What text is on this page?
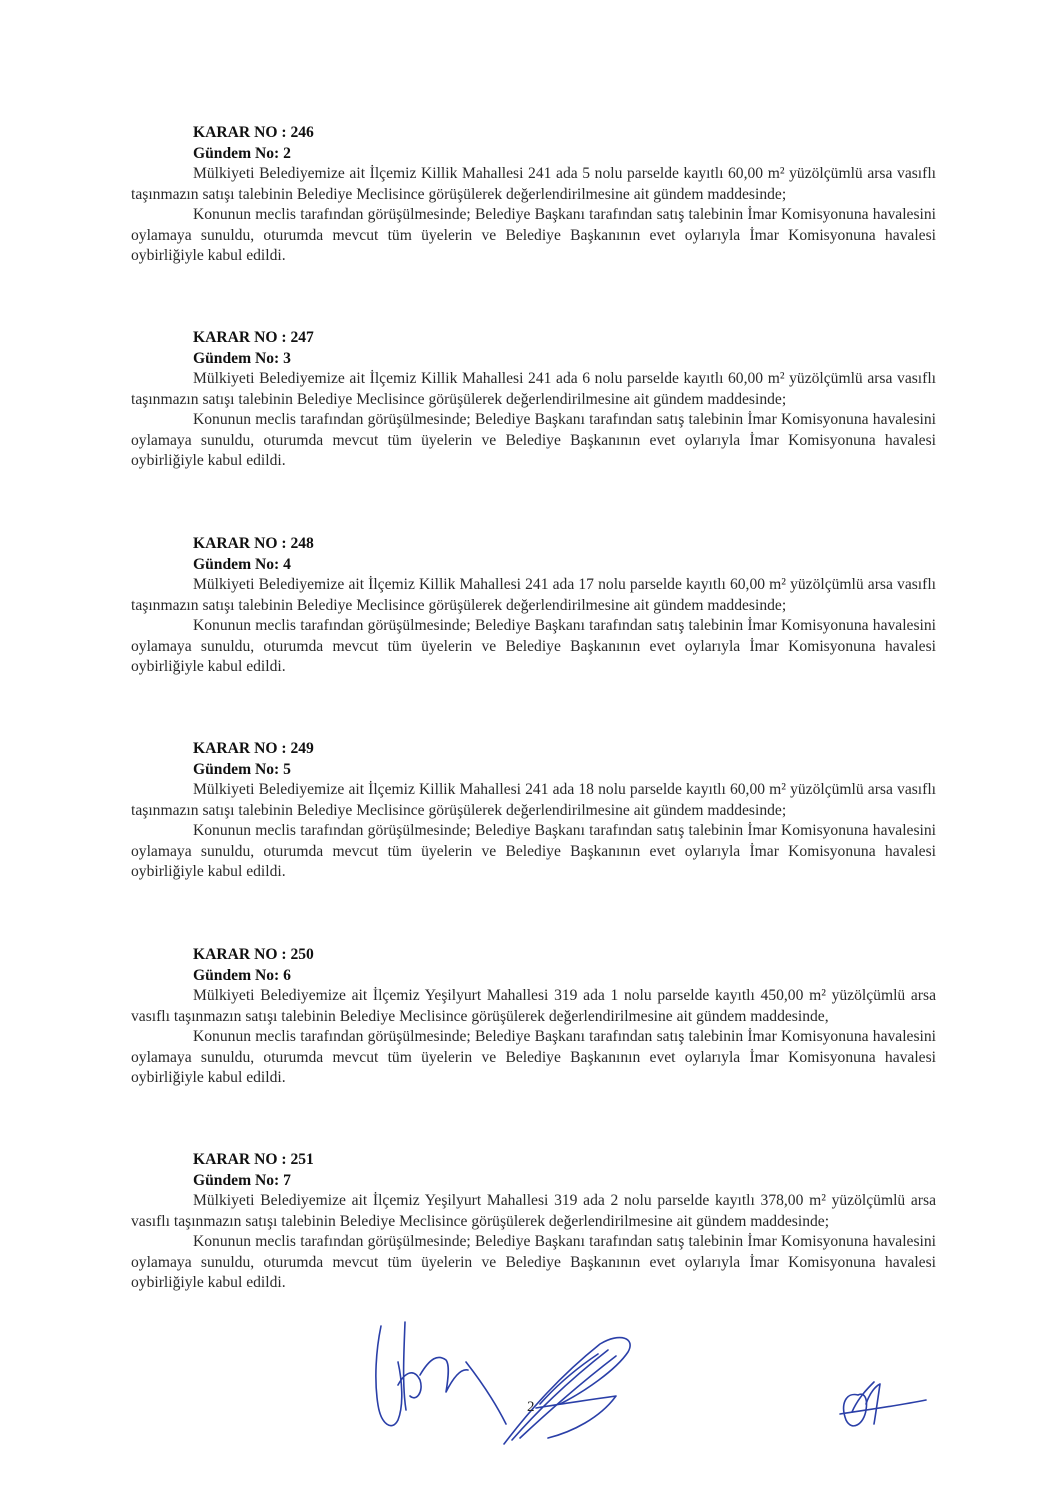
KARAR NO : 246
Gündem No: 2

Mülkiyeti Belediyemize ait İlçemiz Killik Mahallesi 241 ada 5 nolu parselde kayıtlı 60,00 m² yüzölçümlü arsa vasıflı taşınmazın satışı talebinin Belediye Meclisince görüşülerek değerlendirilmesine ait gündem maddesinde;

Konunun meclis tarafından görüşülmesinde; Belediye Başkanı tarafından satış talebinin İmar Komisyonuna havalesini oylamaya sunuldu, oturumda mevcut tüm üyelerin ve Belediye Başkanının evet oylarıyla İmar Komisyonuna havalesi oybirliğiyle kabul edildi.

KARAR NO : 247
Gündem No: 3

Mülkiyeti Belediyemize ait İlçemiz Killik Mahallesi 241 ada 6 nolu parselde kayıtlı 60,00 m² yüzölçümlü arsa vasıflı taşınmazın satışı talebinin Belediye Meclisince görüşülerek değerlendirilmesine ait gündem maddesinde;

Konunun meclis tarafından görüşülmesinde; Belediye Başkanı tarafından satış talebinin İmar Komisyonuna havalesini oylamaya sunuldu, oturumda mevcut tüm üyelerin ve Belediye Başkanının evet oylarıyla İmar Komisyonuna havalesi oybirliğiyle kabul edildi.

KARAR NO : 248
Gündem No: 4

Mülkiyeti Belediyemize ait İlçemiz Killik Mahallesi 241 ada 17 nolu parselde kayıtlı 60,00 m² yüzölçümlü arsa vasıflı taşınmazın satışı talebinin Belediye Meclisince görüşülerek değerlendirilmesine ait gündem maddesinde;

Konunun meclis tarafından görüşülmesinde; Belediye Başkanı tarafından satış talebinin İmar Komisyonuna havalesini oylamaya sunuldu, oturumda mevcut tüm üyelerin ve Belediye Başkanının evet oylarıyla İmar Komisyonuna havalesi oybirliğiyle kabul edildi.

KARAR NO : 249
Gündem No: 5

Mülkiyeti Belediyemize ait İlçemiz Killik Mahallesi 241 ada 18 nolu parselde kayıtlı 60,00 m² yüzölçümlü arsa vasıflı taşınmazın satışı talebinin Belediye Meclisince görüşülerek değerlendirilmesine ait gündem maddesinde;

Konunun meclis tarafından görüşülmesinde; Belediye Başkanı tarafından satış talebinin İmar Komisyonuna havalesini oylamaya sunuldu, oturumda mevcut tüm üyelerin ve Belediye Başkanının evet oylarıyla İmar Komisyonuna havalesi oybirliğiyle kabul edildi.

KARAR NO : 250
Gündem No: 6

Mülkiyeti Belediyemize ait İlçemiz Yeşilyurt Mahallesi 319 ada 1 nolu parselde kayıtlı 450,00 m² yüzölçümlü arsa vasıflı taşınmazın satışı talebinin Belediye Meclisince görüşülerek değerlendirilmesine ait gündem maddesinde,

Konunun meclis tarafından görüşülmesinde; Belediye Başkanı tarafından satış talebinin İmar Komisyonuna havalesini oylamaya sunuldu, oturumda mevcut tüm üyelerin ve Belediye Başkanının evet oylarıyla İmar Komisyonuna havalesi oybirliğiyle kabul edildi.

KARAR NO : 251
Gündem No: 7

Mülkiyeti Belediyemize ait İlçemiz Yeşilyurt Mahallesi 319 ada 2 nolu parselde kayıtlı 378,00 m² yüzölçümlü arsa vasıflı taşınmazın satışı talebinin Belediye Meclisince görüşülerek değerlendirilmesine ait gündem maddesinde;

Konunun meclis tarafından görüşülmesinde; Belediye Başkanı tarafından satış talebinin İmar Komisyonuna havalesini oylamaya sunuldu, oturumda mevcut tüm üyelerin ve Belediye Başkanının evet oylarıyla İmar Komisyonuna havalesi oybirliğiyle kabul edildi.

2
